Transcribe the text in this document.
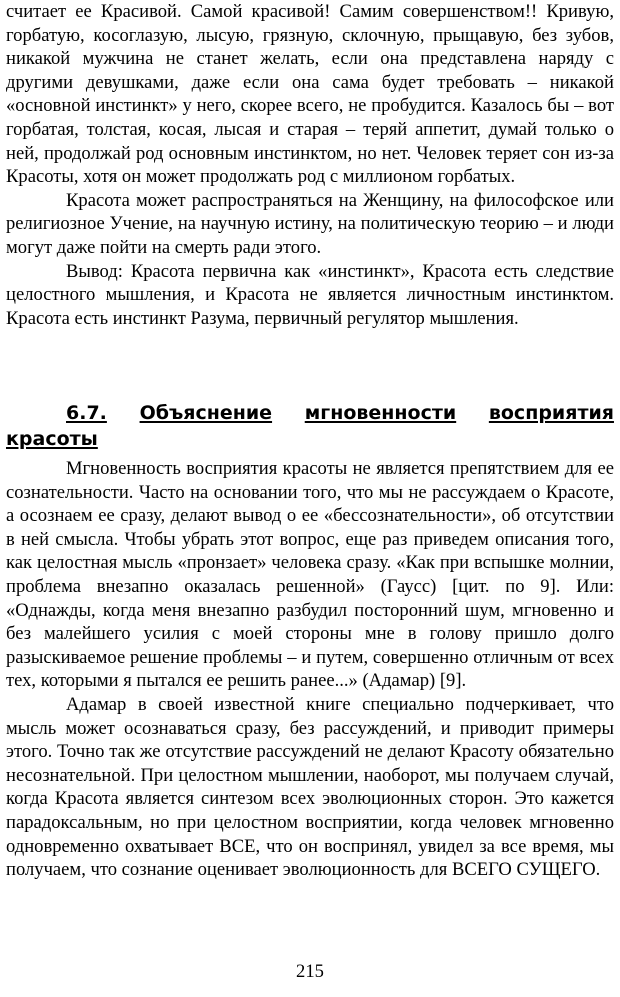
считает ее Красивой. Самой красивой! Самим совершенством!! Кривую, горбатую, косоглазую, лысую, грязную, склочную, прыщавую, без зубов, никакой мужчина не станет желать, если она представлена наряду с другими девушками, даже если она сама будет требовать – никакой «основной инстинкт» у него, скорее всего, не пробудится. Казалось бы – вот горбатая, толстая, косая, лысая и старая – теряй аппетит, думай только о ней, продолжай род основным инстинктом, но нет. Человек теряет сон из-за Красоты, хотя он может продолжать род с миллионом горбатых.

Красота может распространяться на Женщину, на философское или религиозное Учение, на научную истину, на политическую теорию – и люди могут даже пойти на смерть ради этого.

Вывод: Красота первична как «инстинкт», Красота есть следствие целостного мышления, и Красота не является личностным инстинктом. Красота есть инстинкт Разума, первичный регулятор мышления.

6.7. Объяснение мгновенности восприятия
красоты

Мгновенность восприятия красоты не является препятствием для ее сознательности. Часто на основании того, что мы не рассуждаем о Красоте, а осознаем ее сразу, делают вывод о ее «бессознательности», об отсутствии в ней смысла. Чтобы убрать этот вопрос, еще раз приведем описания того, как целостная мысль «пронзает» человека сразу. «Как при вспышке молнии, проблема внезапно оказалась решенной» (Гаусс) [цит. по 9]. Или: «Однажды, когда меня внезапно разбудил посторонний шум, мгновенно и без малейшего усилия с моей стороны мне в голову пришло долго разыскиваемое решение проблемы – и путем, совершенно отличным от всех тех, которыми я пытался ее решить ранее...» (Адамар) [9].

Адамар в своей известной книге специально подчеркивает, что мысль может осознаваться сразу, без рассуждений, и приводит примеры этого. Точно так же отсутствие рассуждений не делают Красоту обязательно несознательной. При целостном мышлении, наоборот, мы получаем случай, когда Красота является синтезом всех эволюционных сторон. Это кажется парадоксальным, но при целостном восприятии, когда человек мгновенно одновременно охватывает ВСЕ, что он воспринял, увидел за все время, мы получаем, что сознание оценивает эволюционность для ВСЕГО СУЩЕГО.

215
